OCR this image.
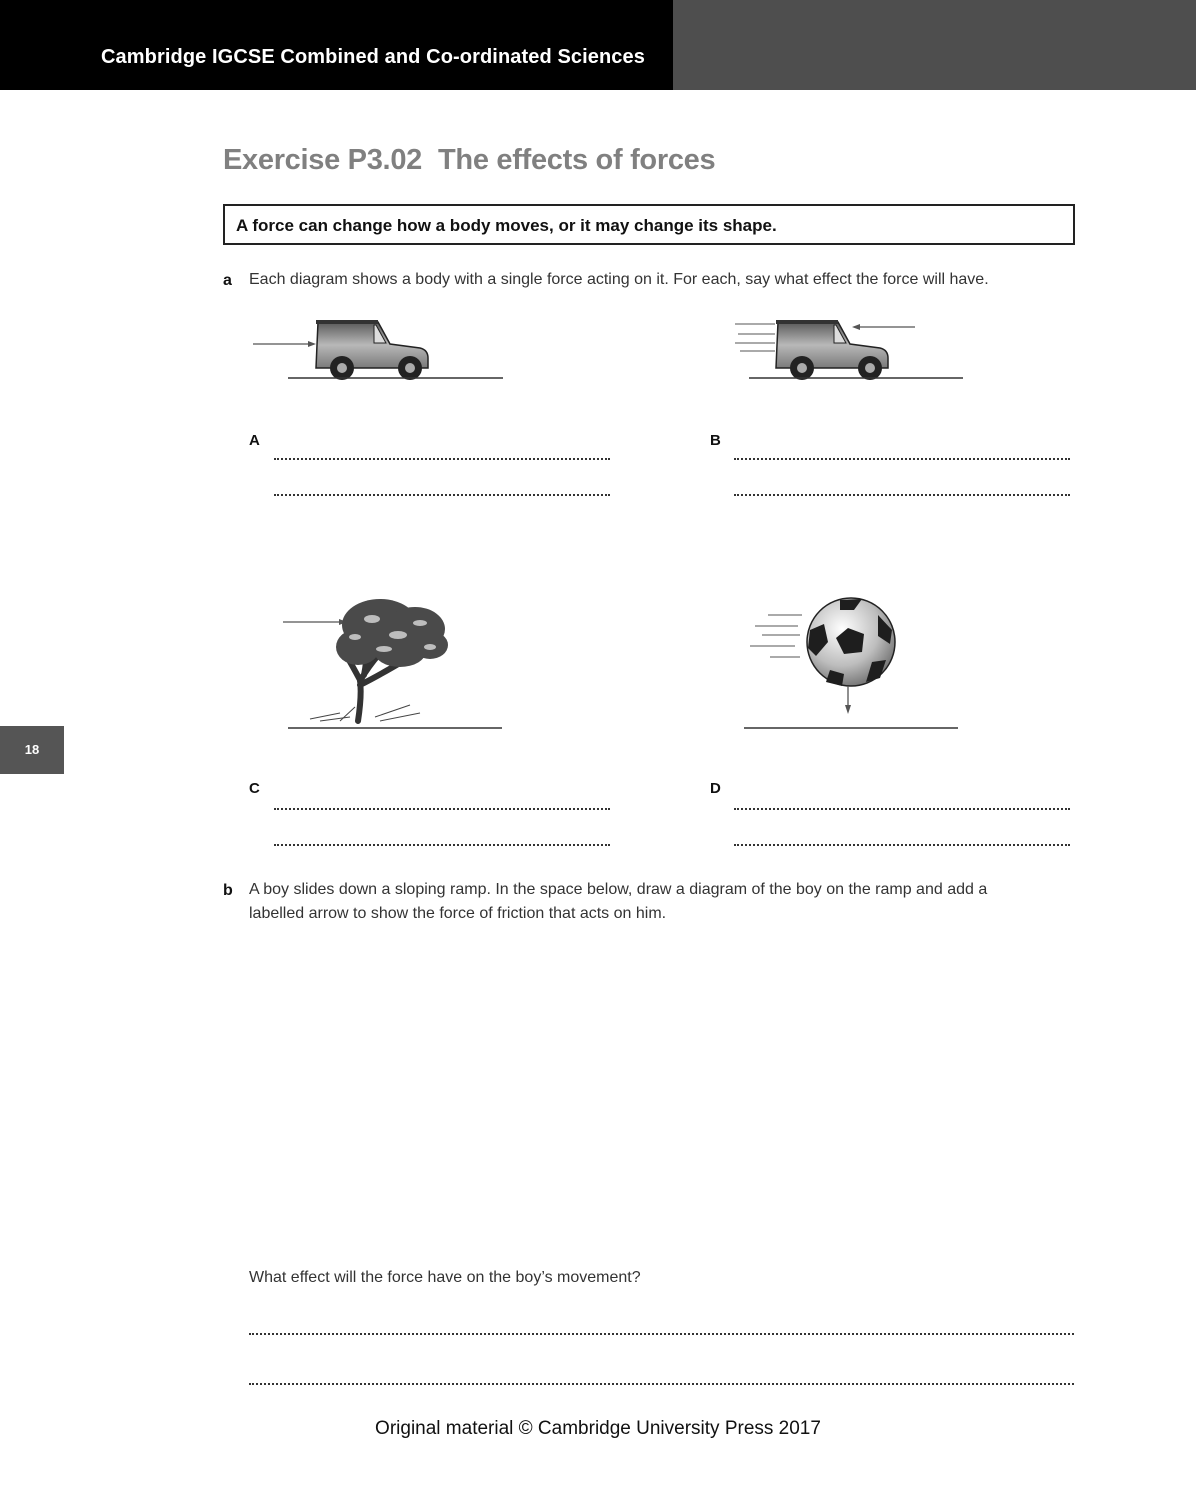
Cambridge IGCSE Combined and Co-ordinated Sciences
18
Exercise P3.02 The effects of forces
A force can change how a body moves, or it may change its shape.
a Each diagram shows a body with a single force acting on it. For each, say what effect the force will have.
A	B
C	D
b A boy slides down a sloping ramp. In the space below, draw a diagram of the boy on the ramp and add a
labelled arrow to show the force of friction that acts on him.
What effect will the force have on the boy’s movement?
Original material © Cambridge University Press 2017
